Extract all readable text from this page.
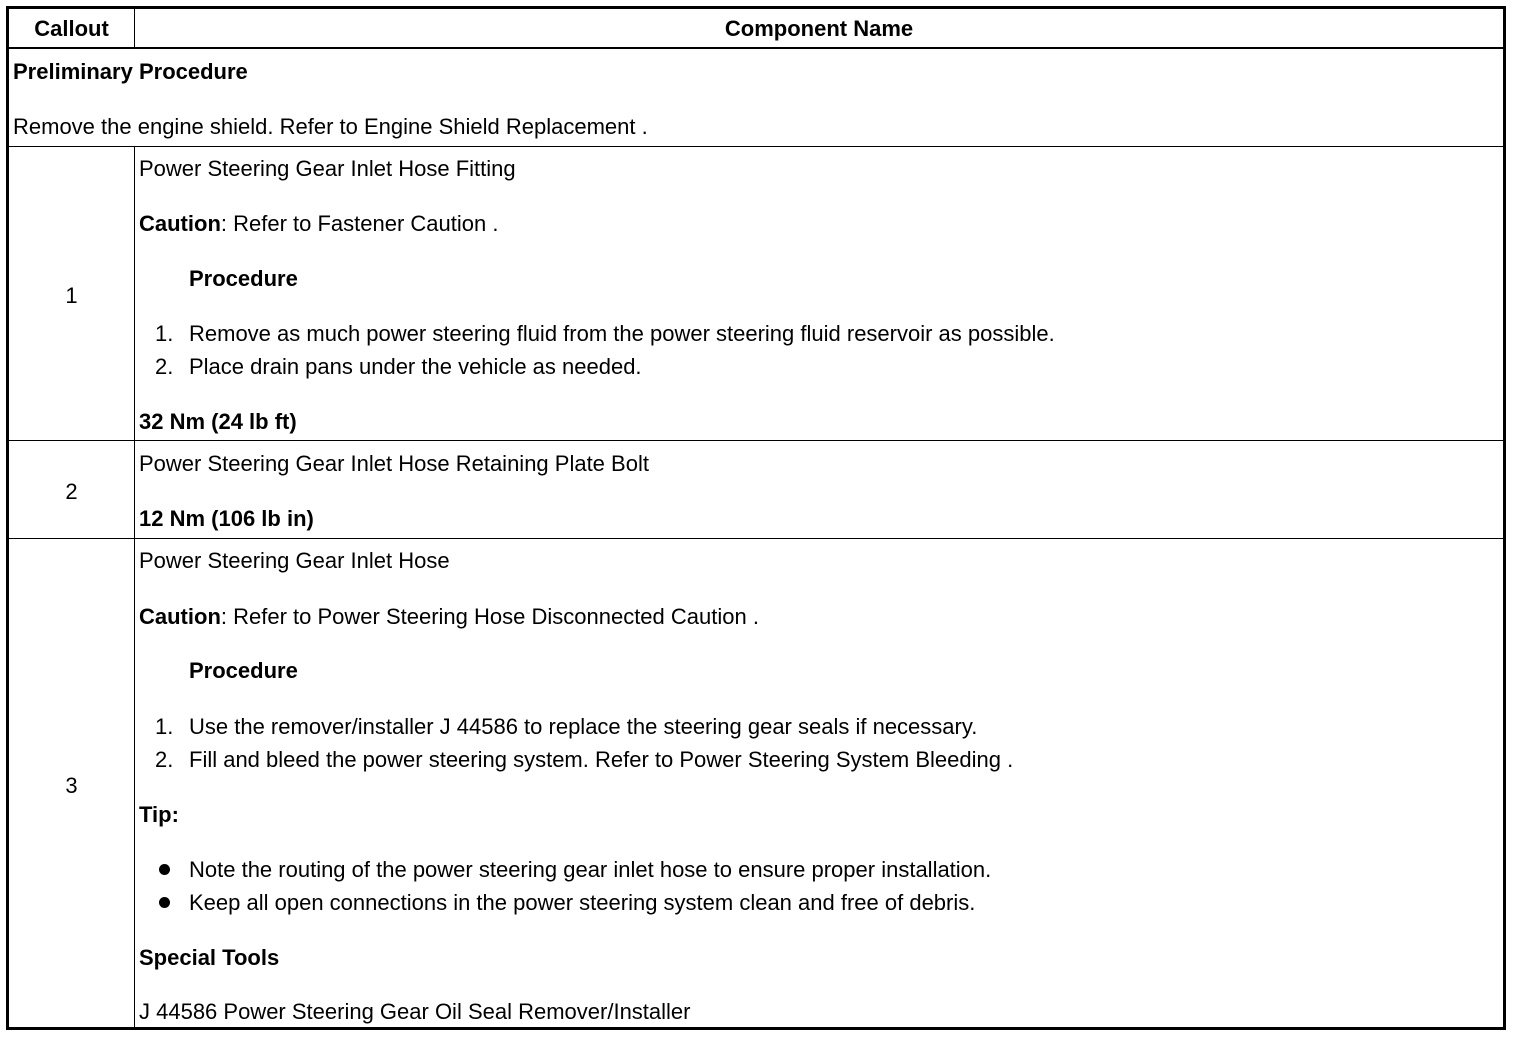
Callout	Component Name
Preliminary Procedure
Remove the engine shield. Refer to Engine Shield Replacement .
1
Power Steering Gear Inlet Hose Fitting
Caution: Refer to Fastener Caution .
Procedure
1. Remove as much power steering fluid from the power steering fluid reservoir as possible.
2. Place drain pans under the vehicle as needed.
32 Nm (24 lb ft)
2
Power Steering Gear Inlet Hose Retaining Plate Bolt
12 Nm (106 lb in)
3
Power Steering Gear Inlet Hose
Caution: Refer to Power Steering Hose Disconnected Caution .
Procedure
1. Use the remover/installer J 44586 to replace the steering gear seals if necessary.
2. Fill and bleed the power steering system. Refer to Power Steering System Bleeding .
Tip:
Note the routing of the power steering gear inlet hose to ensure proper installation.
Keep all open connections in the power steering system clean and free of debris.
Special Tools
J 44586 Power Steering Gear Oil Seal Remover/Installer
